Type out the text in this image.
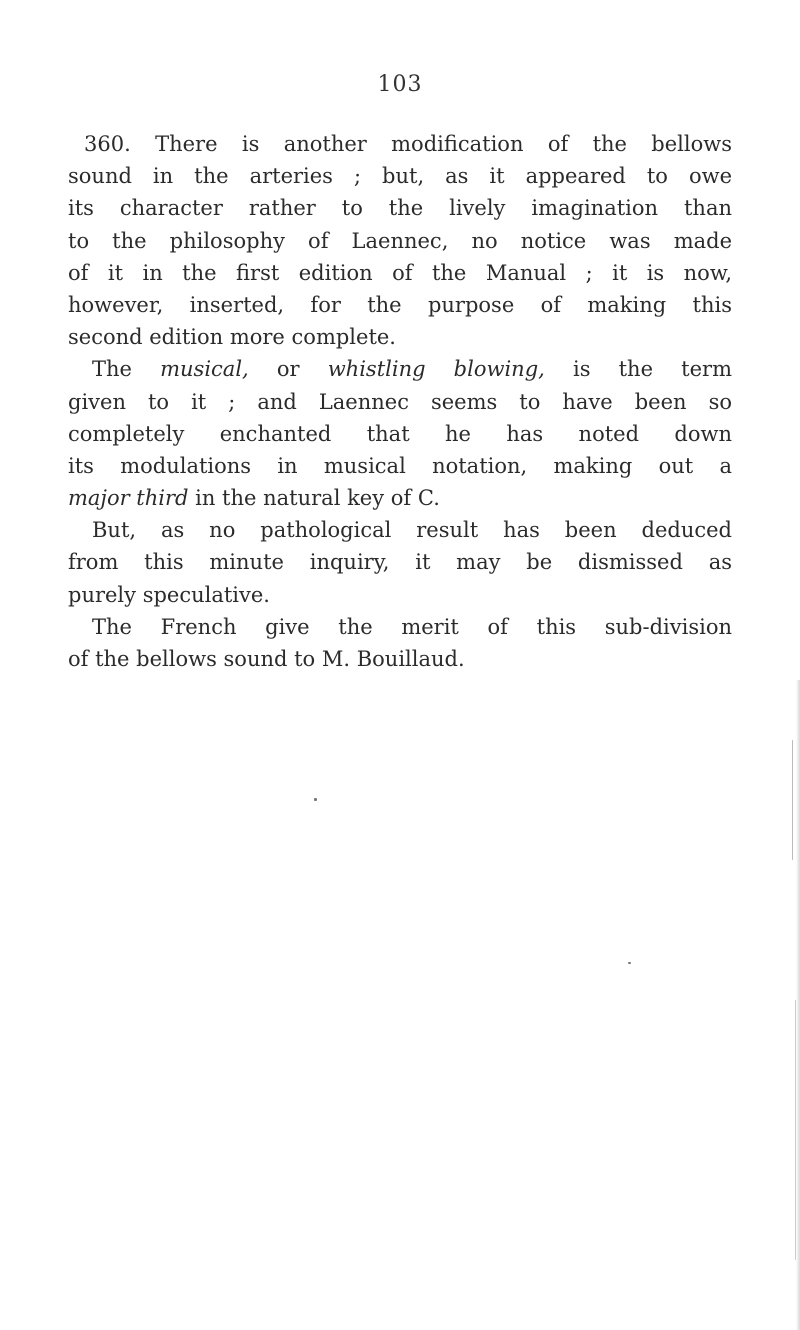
103
360. There is another modification of the bellows
sound in the arteries ; but, as it appeared to owe
its character rather to the lively imagination than
to the philosophy of Laennec, no notice was made
of it in the first edition of the Manual ; it is now,
however, inserted, for the purpose of making this
second edition more complete.
The musical, or whistling blowing, is the term
given to it ; and Laennec seems to have been so
completely enchanted that he has noted down
its modulations in musical notation, making out a
major third in the natural key of C.
But, as no pathological result has been deduced
from this minute inquiry, it may be dismissed as
purely speculative.
The French give the merit of this sub-division
of the bellows sound to M. Bouillaud.
